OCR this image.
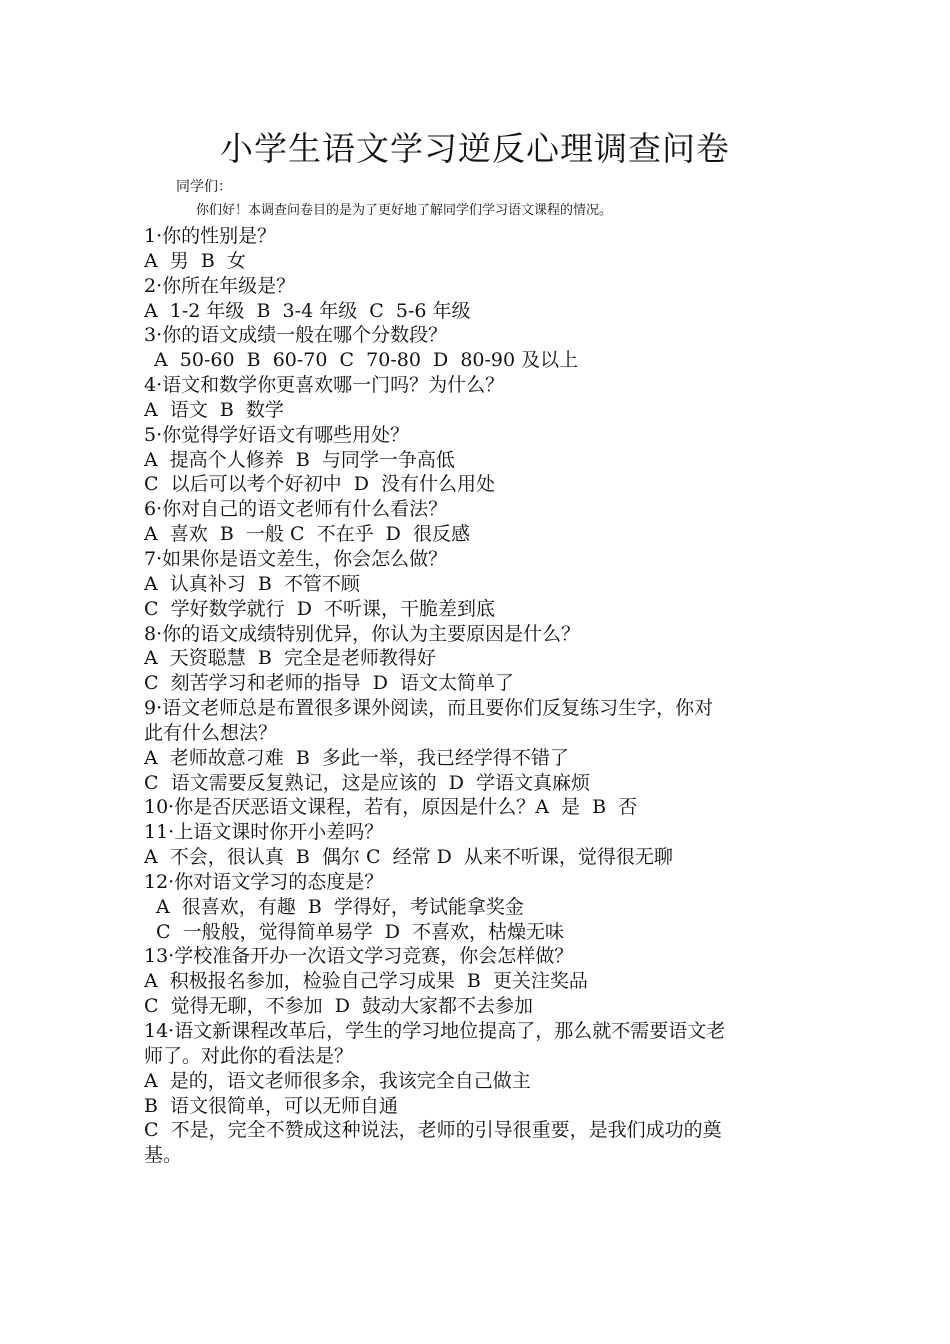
小学生语文学习逆反心理调查问卷
同学们：
你们好！本调查问卷目的是为了更好地了解同学们学习语文课程的情况。
1·你的性别是？
A  男  B  女
2·你所在年级是？
A  1-2 年级  B  3-4 年级  C  5-6 年级
3·你的语文成绩一般在哪个分数段？
A  50-60  B  60-70  C  70-80  D  80-90 及以上
4·语文和数学你更喜欢哪一门吗？为什么？
A  语文  B  数学
5·你觉得学好语文有哪些用处？
A  提高个人修养  B  与同学一争高低
C  以后可以考个好初中  D  没有什么用处
6·你对自己的语文老师有什么看法？
A  喜欢  B  一般 C  不在乎  D  很反感
7·如果你是语文差生，你会怎么做？
A  认真补习  B  不管不顾
C  学好数学就行  D  不听课，干脆差到底
8·你的语文成绩特别优异，你认为主要原因是什么？
A  天资聪慧  B  完全是老师教得好
C  刻苦学习和老师的指导  D  语文太简单了
9·语文老师总是布置很多课外阅读，而且要你们反复练习生字，你对
此有什么想法？
A  老师故意刁难  B  多此一举，我已经学得不错了
C  语文需要反复熟记，这是应该的  D  学语文真麻烦
10·你是否厌恶语文课程，若有，原因是什么？A  是  B  否
11·上语文课时你开小差吗？
A  不会，很认真  B  偶尔 C  经常 D  从来不听课，觉得很无聊
12·你对语文学习的态度是？
A  很喜欢，有趣  B  学得好，考试能拿奖金
C  一般般，觉得简单易学  D  不喜欢，枯燥无味
13·学校准备开办一次语文学习竞赛，你会怎样做？
A  积极报名参加，检验自己学习成果  B  更关注奖品
C  觉得无聊，不参加  D  鼓动大家都不去参加
14·语文新课程改革后，学生的学习地位提高了，那么就不需要语文老
师了。对此你的看法是？
A  是的，语文老师很多余，我该完全自己做主
B  语文很简单，可以无师自通
C  不是，完全不赞成这种说法，老师的引导很重要，是我们成功的奠
基。
